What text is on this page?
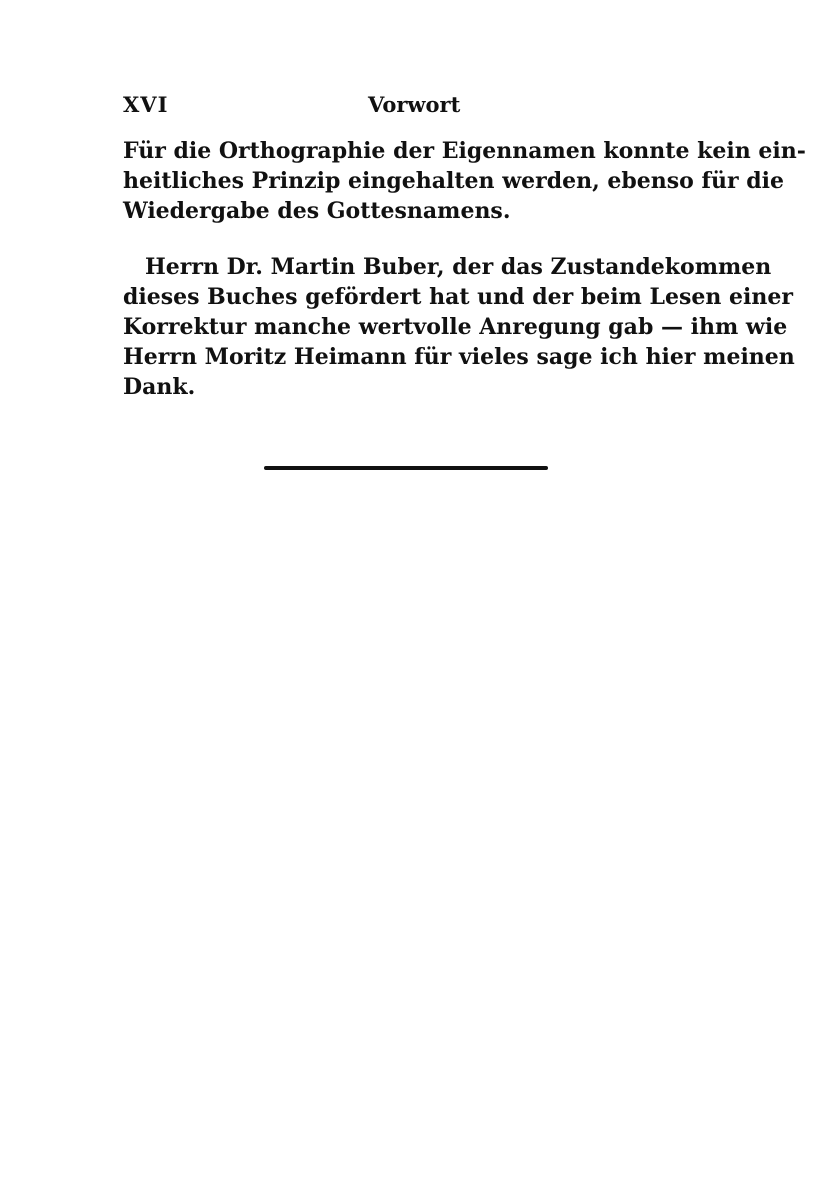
XVI	Vorwort
Für die Orthographie der Eigennamen konnte kein ein-
heitliches Prinzip eingehalten werden, ebenso für die
Wiedergabe des Gottesnamens.
Herrn Dr. Martin Buber, der das Zustandekommen
dieses Buches gefördert hat und der beim Lesen einer
Korrektur manche wertvolle Anregung gab — ihm wie
Herrn Moritz Heimann für vieles sage ich hier meinen
Dank.
